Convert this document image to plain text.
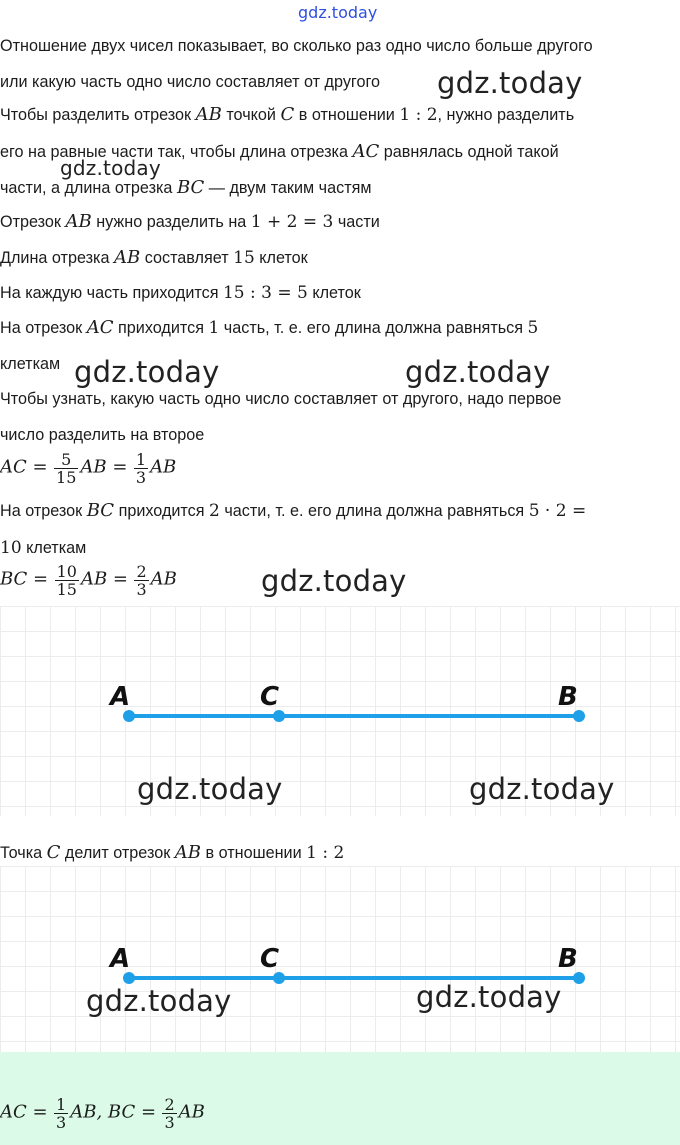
gdz.today
Отношение двух чисел показывает, во сколько раз одно число больше другого
или какую часть одно число составляет от другого gdz.today
Чтобы разделить отрезок AB точкой C в отношении 1 : 2, нужно разделить
его на равные части так, чтобы длина отрезка AC равнялась одной такой
gdz.today
части, а длина отрезка BC — двум таким частям
Отрезок AB нужно разделить на 1 + 2 = 3 части
Длина отрезка AB составляет 15 клеток
На каждую часть приходится 15 : 3 = 5 клеток
На отрезок AC приходится 1 часть, т. е. его длина должна равняться 5
клеткам gdz.today	gdz.today
Чтобы узнать, какую часть одно число составляет от другого, надо первое
число разделить на второе
AC = $\frac{5}{15}$ AB = $\frac{1}{3}$ AB
На отрезок BC приходится 2 части, т. е. его длина должна равняться 5 · 2 =
10 клеткам
BC = $\frac{10}{15}$ AB = $\frac{2}{3}$ AB	gdz.today
A	C	B
gdz.today	gdz.today
Точка C делит отрезок AB в отношении 1 : 2
A	C	B
gdz.today	gdz.today
AC = $\frac{1}{3}$ AB, BC = $\frac{2}{3}$ AB
